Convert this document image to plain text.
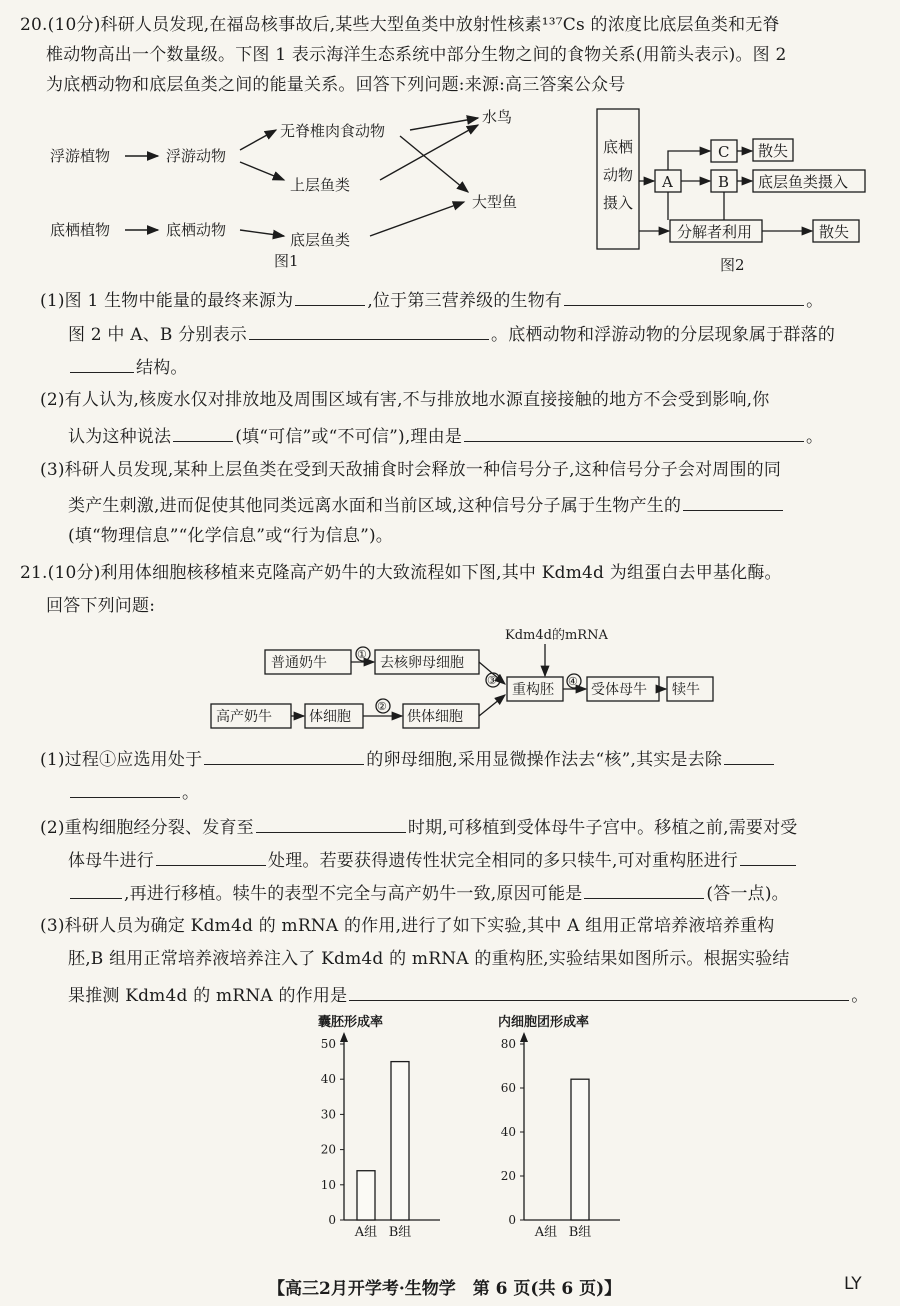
20.(10分)科研人员发现,在福岛核事故后,某些大型鱼类中放射性核素¹³⁷Cs 的浓度比底层鱼类和无脊
椎动物高出一个数量级。下图 1 表示海洋生态系统中部分生物之间的食物关系(用箭头表示)。图 2
为底栖动物和底层鱼类之间的能量关系。回答下列问题:来源:高三答案公众号
浮游植物	浮游动物
无脊椎肉食动物
上层鱼类
水鸟
大型鱼
底栖植物	底栖动物
底层鱼类
图1
底栖
动物
摄入
A	B
C 散失
底层鱼类摄入
分解者利用	散失
图2
(1)图 1 生物中能量的最终来源为	,位于第三营养级的生物有	。
图 2 中 A、B 分别表示	。底栖动物和浮游动物的分层现象属于群落的
结构。
(2)有人认为,核废水仅对排放地及周围区域有害,不与排放地水源直接接触的地方不会受到影响,你
认为这种说法	(填“可信”或“不可信”),理由是	。
(3)科研人员发现,某种上层鱼类在受到天敌捕食时会释放一种信号分子,这种信号分子会对周围的同
类产生刺激,进而促使其他同类远离水面和当前区域,这种信号分子属于生物产生的
(填“物理信息”“化学信息”或“行为信息”)。
21.(10分)利用体细胞核移植来克隆高产奶牛的大致流程如下图,其中 Kdm4d 为组蛋白去甲基化酶。
回答下列问题:
Kdm4d的mRNA
普通奶牛	去核卵母细胞
高产奶牛	体细胞	供体细胞
重构胚	受体母牛 犊牛
①
②
③	④
(1)过程①应选用处于	的卵母细胞,采用显微操作法去“核”,其实是去除
。
(2)重构细胞经分裂、发育至	时期,可移植到受体母牛子宫中。移植之前,需要对受
体母牛进行	处理。若要获得遗传性状完全相同的多只犊牛,可对重构胚进行
,再进行移植。犊牛的表型不完全与高产奶牛一致,原因可能是	(答一点)。
(3)科研人员为确定 Kdm4d 的 mRNA 的作用,进行了如下实验,其中 A 组用正常培养液培养重构
胚,B 组用正常培养液培养注入了 Kdm4d 的 mRNA 的重构胚,实验结果如图所示。根据实验结
果推测 Kdm4d 的 mRNA 的作用是	。
囊胚形成率
0
10
20
30
40
50
A组 B组
内细胞团形成率
0
20
40
60
80
A组 B组
【高三2月开学考·生物学　第 6 页(共 6 页)】	LY
